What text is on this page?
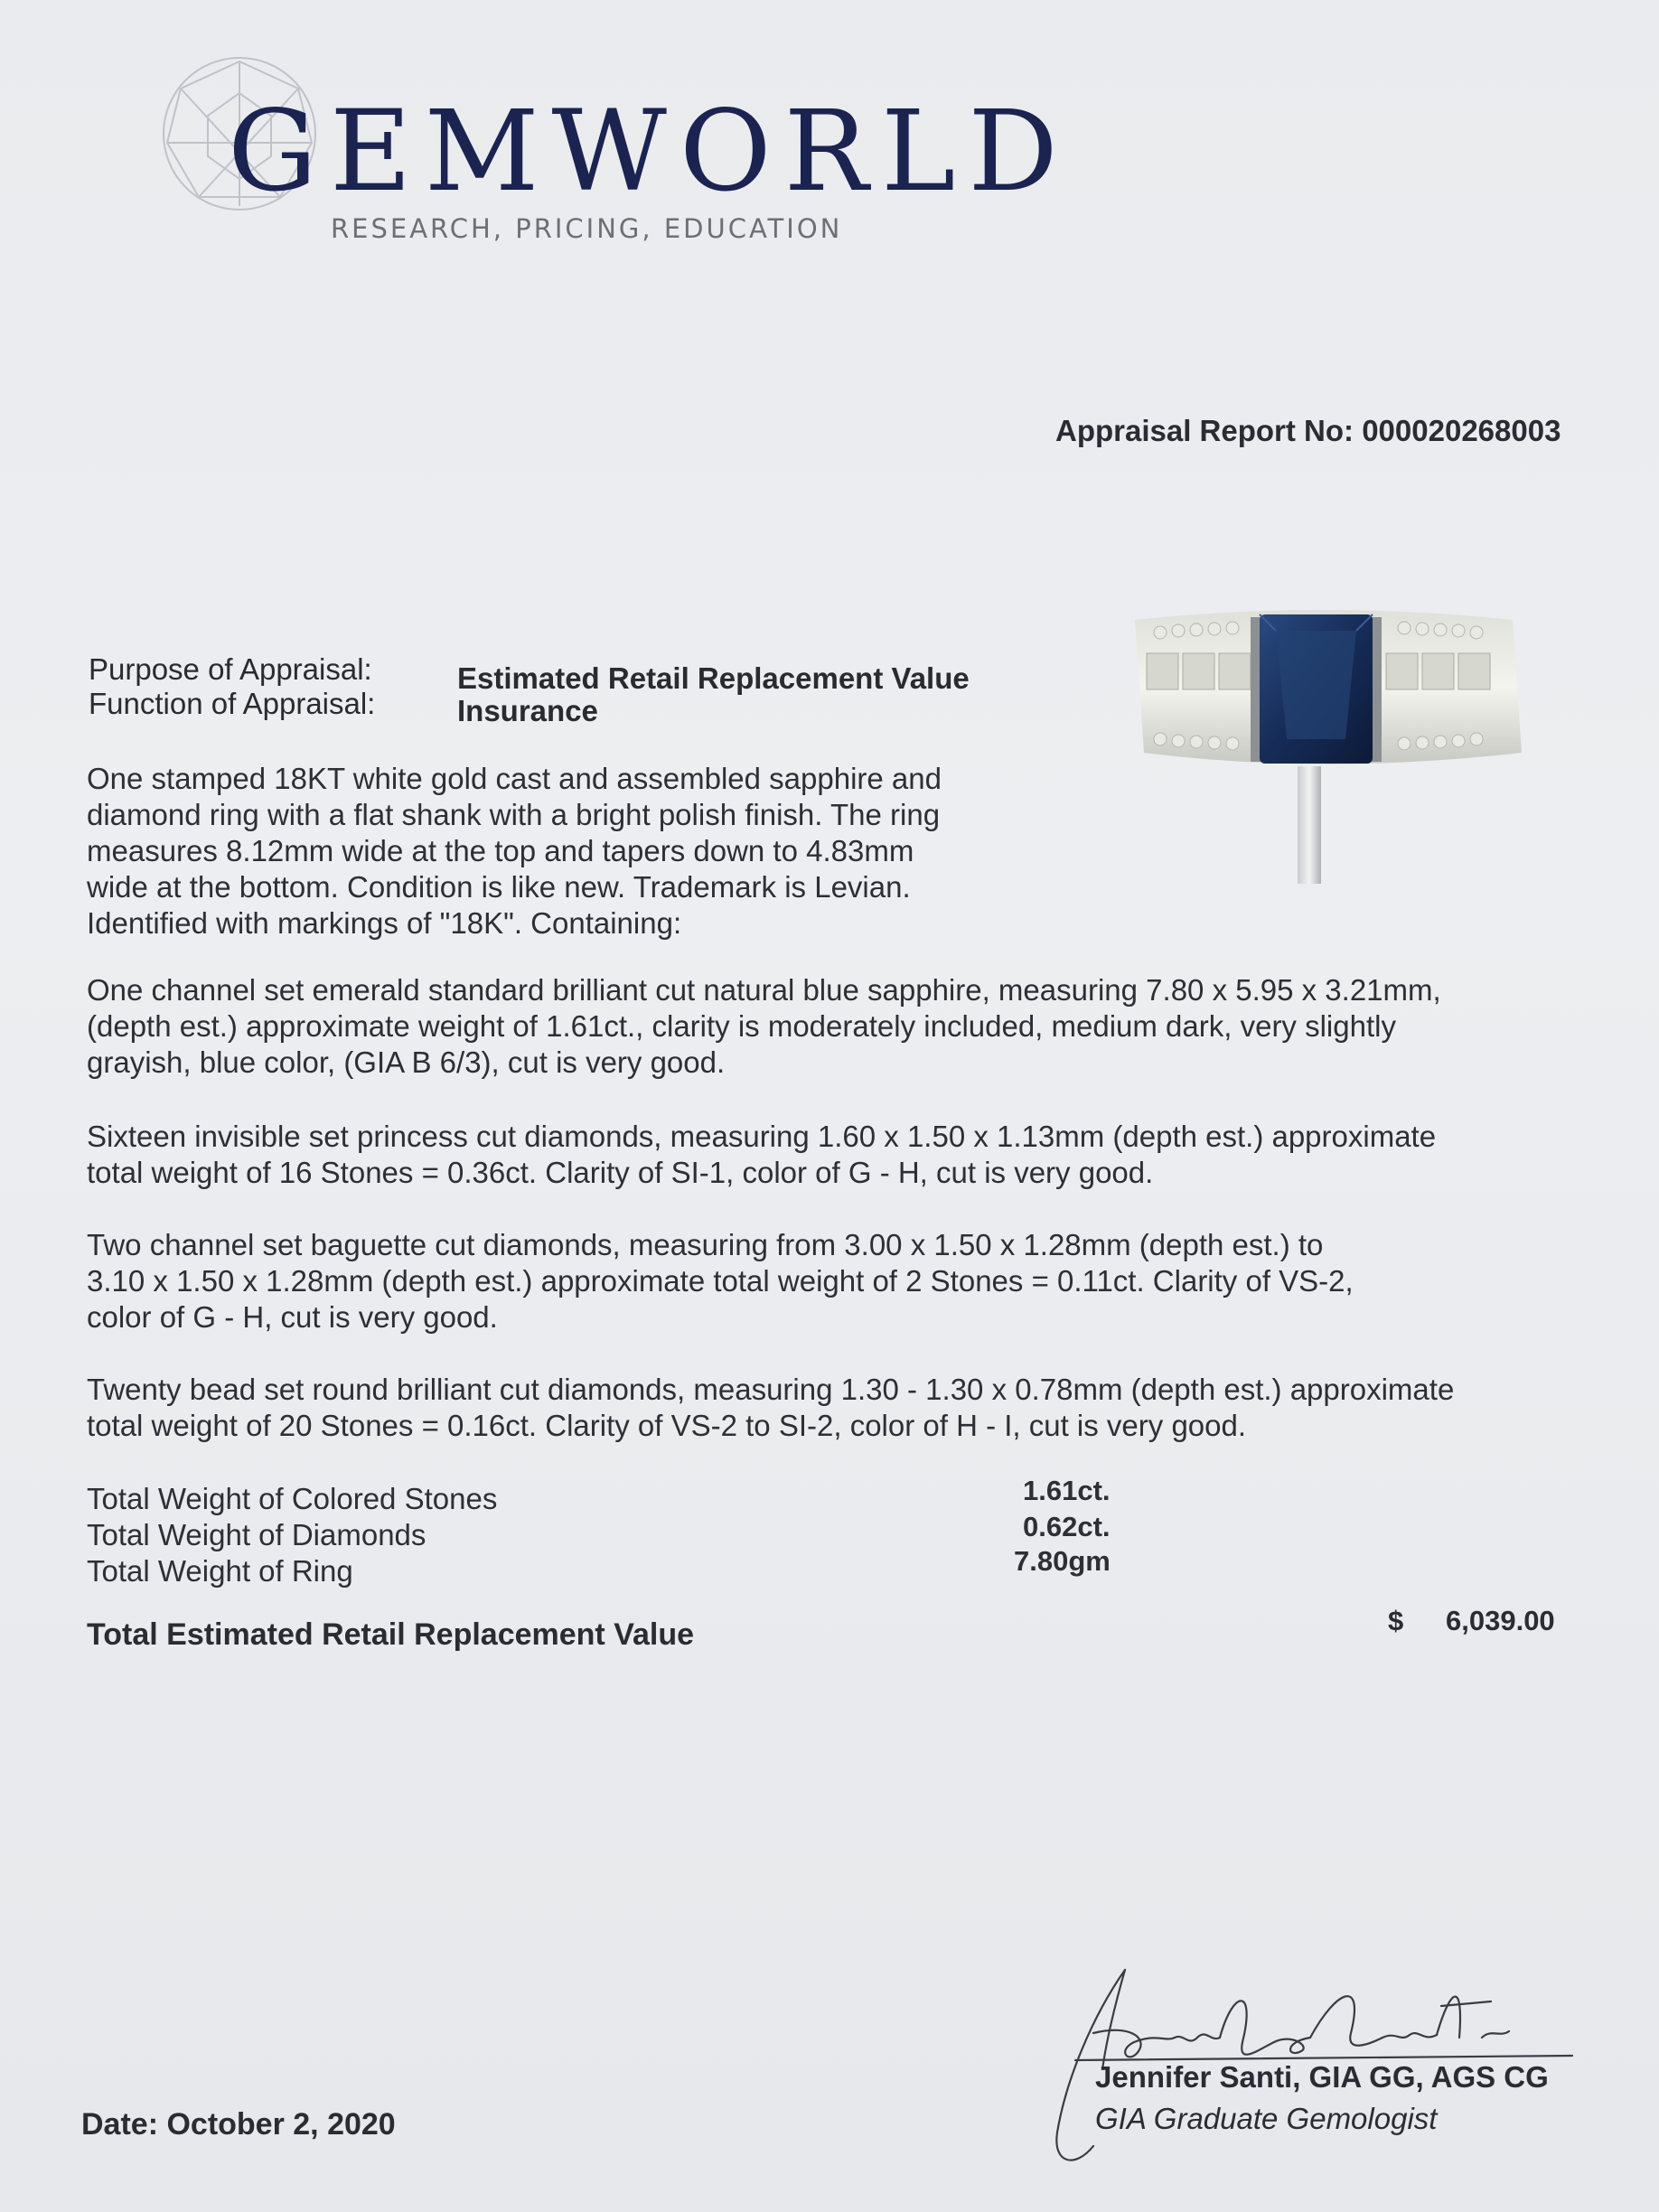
GEMWORLD
RESEARCH, PRICING, EDUCATION
Appraisal Report No: 000020268003
Purpose of Appraisal:	Estimated Retail Replacement Value
Function of Appraisal:	Insurance
One stamped 18KT white gold cast and assembled sapphire and
diamond ring with a flat shank with a bright polish finish. The ring
measures 8.12mm wide at the top and tapers down to 4.83mm
wide at the bottom. Condition is like new. Trademark is Levian.
Identified with markings of "18K". Containing:
One channel set emerald standard brilliant cut natural blue sapphire, measuring 7.80 x 5.95 x 3.21mm,
(depth est.) approximate weight of 1.61ct., clarity is moderately included, medium dark, very slightly
grayish, blue color, (GIA B 6/3), cut is very good.
Sixteen invisible set princess cut diamonds, measuring 1.60 x 1.50 x 1.13mm (depth est.) approximate
total weight of 16 Stones = 0.36ct. Clarity of SI-1, color of G - H, cut is very good.
Two channel set baguette cut diamonds, measuring from 3.00 x 1.50 x 1.28mm (depth est.) to
3.10 x 1.50 x 1.28mm (depth est.) approximate total weight of 2 Stones = 0.11ct. Clarity of VS-2,
color of G - H, cut is very good.
Twenty bead set round brilliant cut diamonds, measuring 1.30 - 1.30 x 0.78mm (depth est.) approximate
total weight of 20 Stones = 0.16ct. Clarity of VS-2 to SI-2, color of H - I, cut is very good.
Total Weight of Colored Stones	1.61ct.
Total Weight of Diamonds	0.62ct.
Total Weight of Ring	7.80gm
Total Estimated Retail Replacement Value	$ 6,039.00
Jennifer Santi, GIA GG, AGS CG
GIA Graduate Gemologist
Date: October 2, 2020
